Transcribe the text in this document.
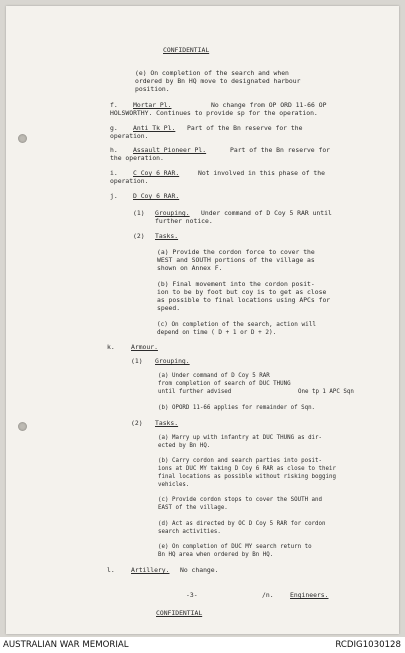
CONFIDENTIAL
(e) On completion of the search and when
ordered by Bn HQ move to designated harbour
position.
f. Mortar Pl.	No change from OP ORD 11-66 OP
HOLSWORTHY. Continues to provide sp for the operation.
g. Anti Tk Pl. Part of the Bn reserve for the
operation.
h. Assault Pioneer Pl.	Part of the Bn reserve for
the operation.
i. C Coy 6 RAR.	Not involved in this phase of the
operation.
j. D Coy 6 RAR.
(1) Grouping. Under command of D Coy 5 RAR until
further notice.
(2) Tasks.
(a) Provide the cordon force to cover the
WEST and SOUTH portions of the village as
shown on Annex F.
(b) Final movement into the cordon posit-
ion to be by foot but coy is to get as close
as possible to final locations using APCs for
speed.
(c) On completion of the search, action will
depend on time ( D + 1 or D + 2).
k.	Armour.
(1) Grouping.
(a) Under command of D Coy 5 RAR
from completion of search of DUC THUNG
until further advised	One tp 1 APC Sqn
(b) OPORD 11-66 applies for remainder of Sqn.
(2) Tasks.
(a) Marry up with infantry at DUC THUNG as dir-
ected by Bn HQ.
(b) Carry cordon and search parties into posit-
ions at DUC MY taking D Coy 6 RAR as close to their
final locations as possible without risking bogging
vehicles.
(c) Provide cordon stops to cover the SOUTH and
EAST of the village.
(d) Act as directed by OC D Coy 5 RAR for cordon
search activities.
(e) On completion of DUC MY search return to
Bn HQ area when ordered by Bn HQ.
l.	Artillery. No change.
-3-	/n.	Engineers.
CONFIDENTIAL
AUSTRALIAN WAR MEMORIAL	RCDIG1030128
